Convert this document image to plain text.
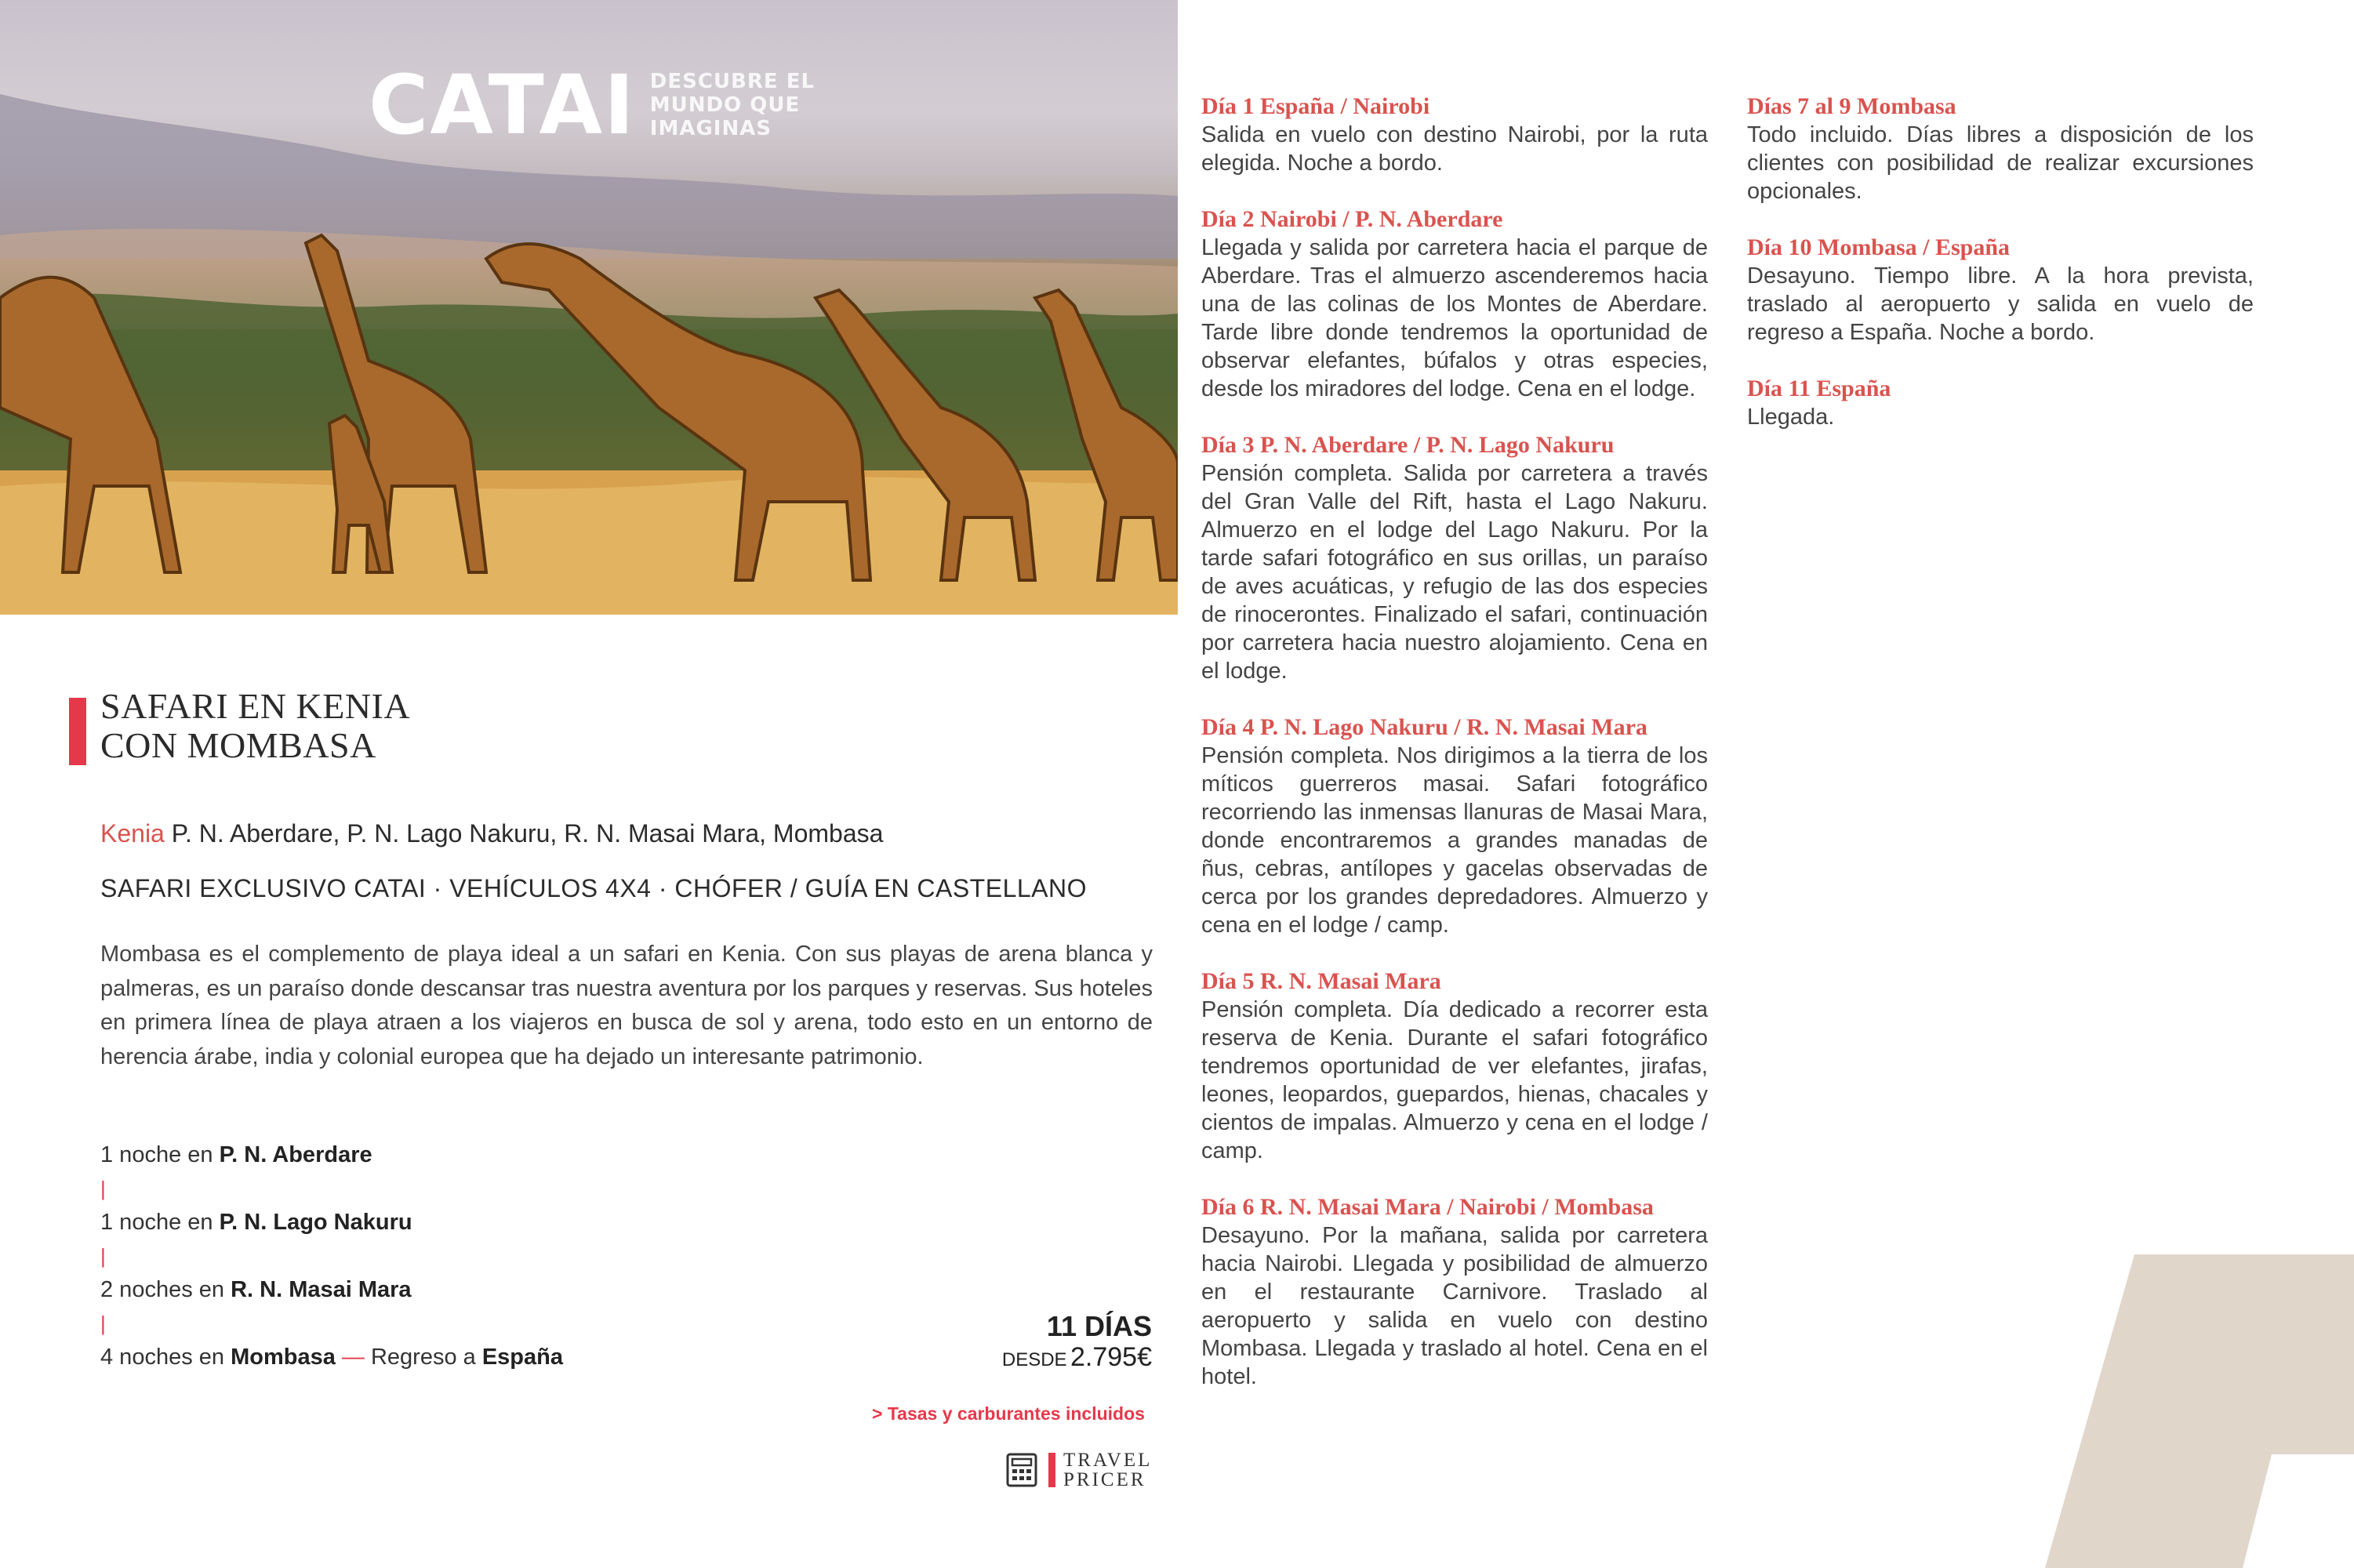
CATAI DESCUBRE EL
MUNDO QUE
IMAGINAS
SAFARI EN KENIA
CON MOMBASA
Kenia P. N. Aberdare, P. N. Lago Nakuru, R. N. Masai Mara, Mombasa
SAFARI EXCLUSIVO CATAI · VEHÍCULOS 4X4 · CHÓFER / GUÍA EN CASTELLANO
Mombasa es el complemento de playa ideal a un safari en Kenia. Con sus playas de arena blanca y palmeras, es un paraíso donde descansar tras nuestra aventura por los parques y reservas. Sus hoteles en primera línea de playa atraen a los viajeros en busca de sol y arena, todo esto en un entorno de herencia árabe, india y colonial europea que ha dejado un interesante patrimonio.
1 noche en P. N. Aberdare
|
1 noche en P. N. Lago Nakuru
|
2 noches en R. N. Masai Mara
|
4 noches en Mombasa — Regreso a España
11 DÍAS
DESDE 2.795€
> Tasas y carburantes incluidos
TRAVEL
PRICER
Día 1 España / Nairobi
Salida en vuelo con destino Nairobi, por la ruta elegida. Noche a bordo.
Día 2 Nairobi / P. N. Aberdare
Llegada y salida por carretera hacia el parque de Aberdare. Tras el almuerzo ascenderemos hacia una de las colinas de los Montes de Aberdare. Tarde libre donde tendremos la oportunidad de observar elefantes, búfalos y otras especies, desde los miradores del lodge. Cena en el lodge.
Día 3 P. N. Aberdare / P. N. Lago Nakuru
Pensión completa. Salida por carretera a través del Gran Valle del Rift, hasta el Lago Nakuru. Almuerzo en el lodge del Lago Nakuru. Por la tarde safari fotográfico en sus orillas, un paraíso de aves acuáticas, y refugio de las dos especies de rinocerontes. Finalizado el safari, continuación por carretera hacia nuestro alojamiento. Cena en el lodge.
Día 4 P. N. Lago Nakuru / R. N. Masai Mara
Pensión completa. Nos dirigimos a la tierra de los míticos guerreros masai. Safari fotográfico recorriendo las inmensas llanuras de Masai Mara, donde encontraremos a grandes manadas de ñus, cebras, antílopes y gacelas observadas de cerca por los grandes depredadores. Almuerzo y cena en el lodge / camp.
Día 5 R. N. Masai Mara
Pensión completa. Día dedicado a recorrer esta reserva de Kenia. Durante el safari fotográfico tendremos oportunidad de ver elefantes, jirafas, leones, leopardos, guepardos, hienas, chacales y cientos de impalas. Almuerzo y cena en el lodge / camp.
Día 6 R. N. Masai Mara / Nairobi / Mombasa
Desayuno. Por la mañana, salida por carretera hacia Nairobi. Llegada y posibilidad de almuerzo en el restaurante Carnivore. Traslado al aeropuerto y salida en vuelo con destino Mombasa. Llegada y traslado al hotel. Cena en el hotel.
Días 7 al 9 Mombasa
Todo incluido. Días libres a disposición de los clientes con posibilidad de realizar excursiones opcionales.
Día 10 Mombasa / España
Desayuno. Tiempo libre. A la hora prevista, traslado al aeropuerto y salida en vuelo de regreso a España. Noche a bordo.
Día 11 España
Llegada.
